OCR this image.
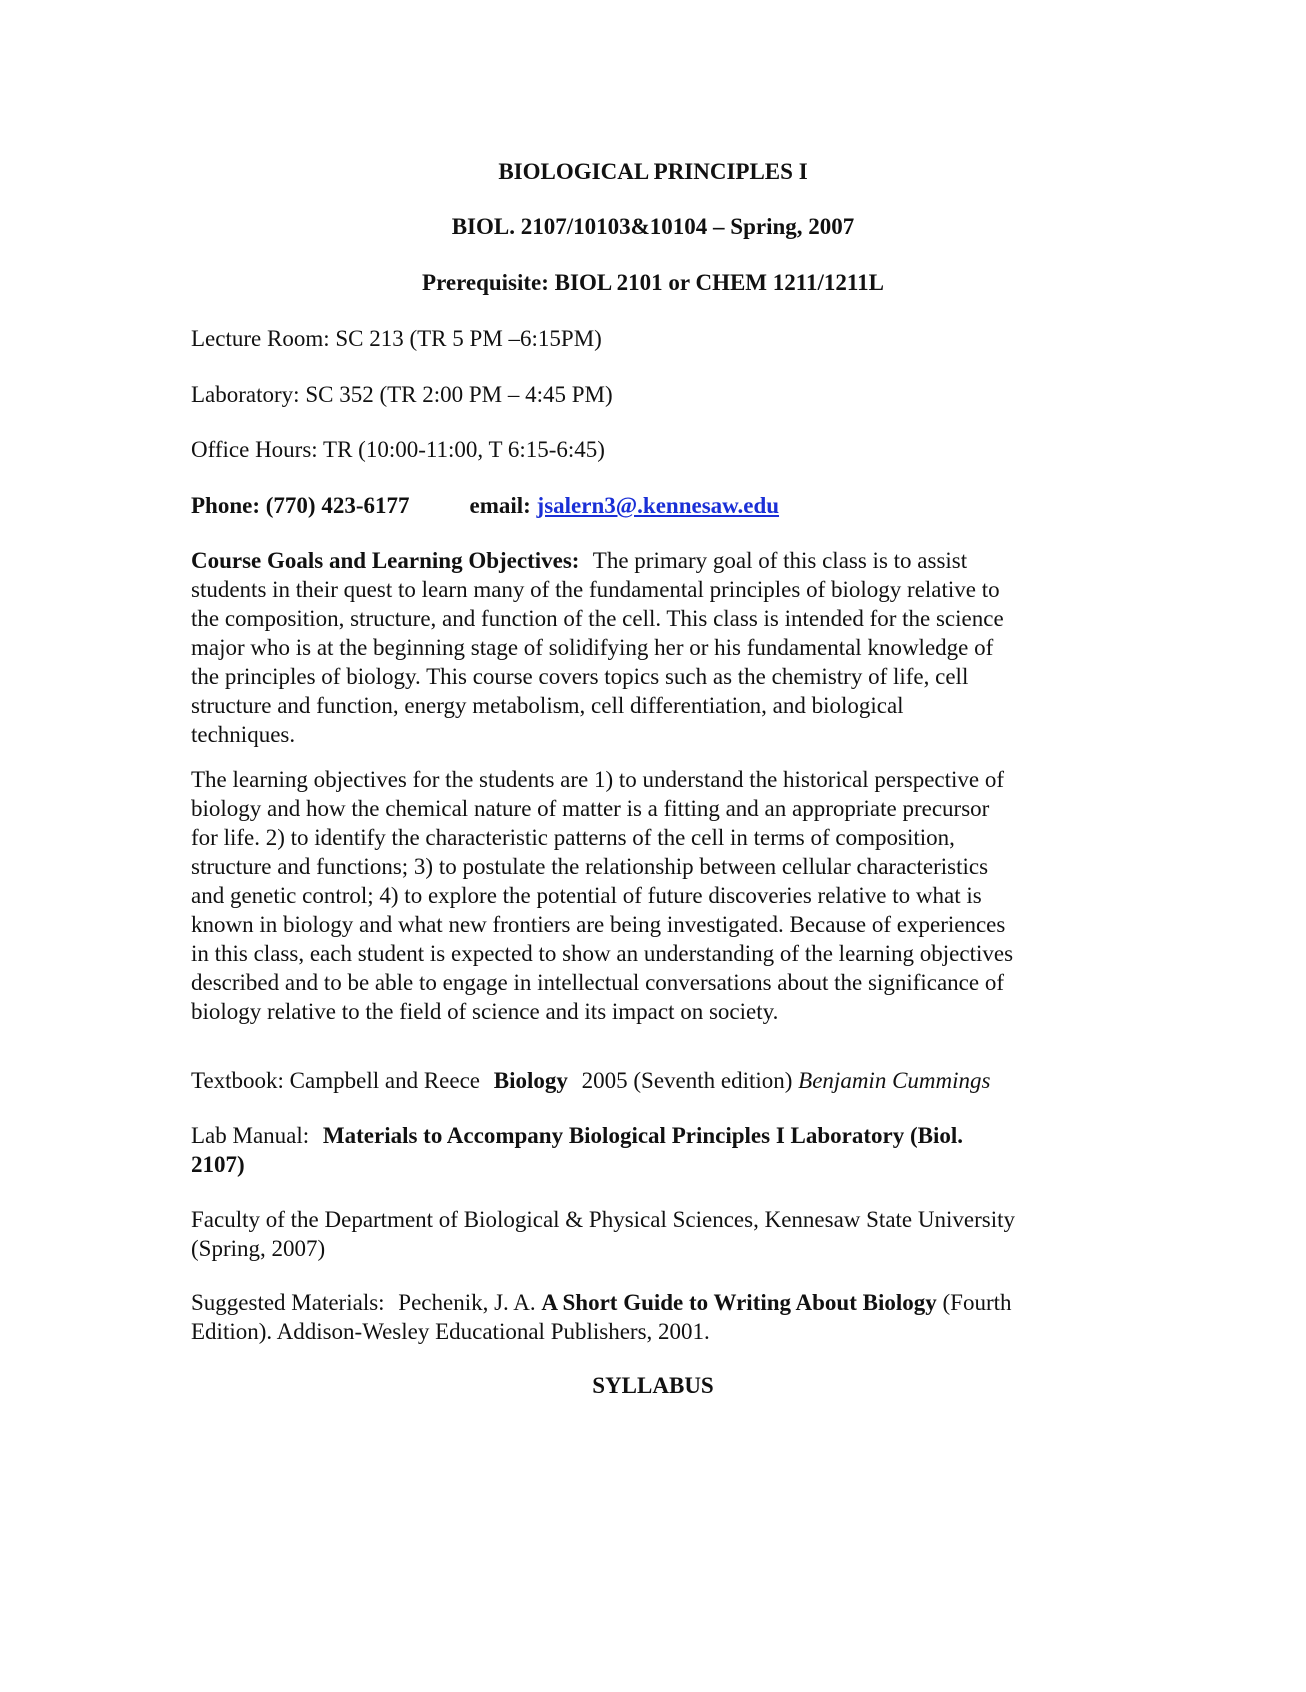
BIOLOGICAL PRINCIPLES I
BIOL. 2107/10103&10104 – Spring, 2007
Prerequisite: BIOL 2101 or CHEM 1211/1211L
Lecture Room: SC 213 (TR 5 PM –6:15PM)
Laboratory: SC 352 (TR 2:00 PM – 4:45 PM)
Office Hours: TR (10:00-11:00, T 6:15-6:45)
Phone: (770) 423-6177	email: jsalern3@.kennesaw.edu
Course Goals and Learning Objectives: The primary goal of this class is to assist
students in their quest to learn many of the fundamental principles of biology relative to
the composition, structure, and function of the cell. This class is intended for the science
major who is at the beginning stage of solidifying her or his fundamental knowledge of
the principles of biology. This course covers topics such as the chemistry of life, cell
structure and function, energy metabolism, cell differentiation, and biological
techniques.
The learning objectives for the students are 1) to understand the historical perspective of
biology and how the chemical nature of matter is a fitting and an appropriate precursor
for life. 2) to identify the characteristic patterns of the cell in terms of composition,
structure and functions; 3) to postulate the relationship between cellular characteristics
and genetic control; 4) to explore the potential of future discoveries relative to what is
known in biology and what new frontiers are being investigated. Because of experiences
in this class, each student is expected to show an understanding of the learning objectives
described and to be able to engage in intellectual conversations about the significance of
biology relative to the field of science and its impact on society.
Textbook: Campbell and Reece Biology 2005 (Seventh edition) Benjamin Cummings
Lab Manual: Materials to Accompany Biological Principles I Laboratory (Biol.
2107)
Faculty of the Department of Biological & Physical Sciences, Kennesaw State University
(Spring, 2007)
Suggested Materials: Pechenik, J. A. A Short Guide to Writing About Biology (Fourth
Edition). Addison-Wesley Educational Publishers, 2001.
SYLLABUS
